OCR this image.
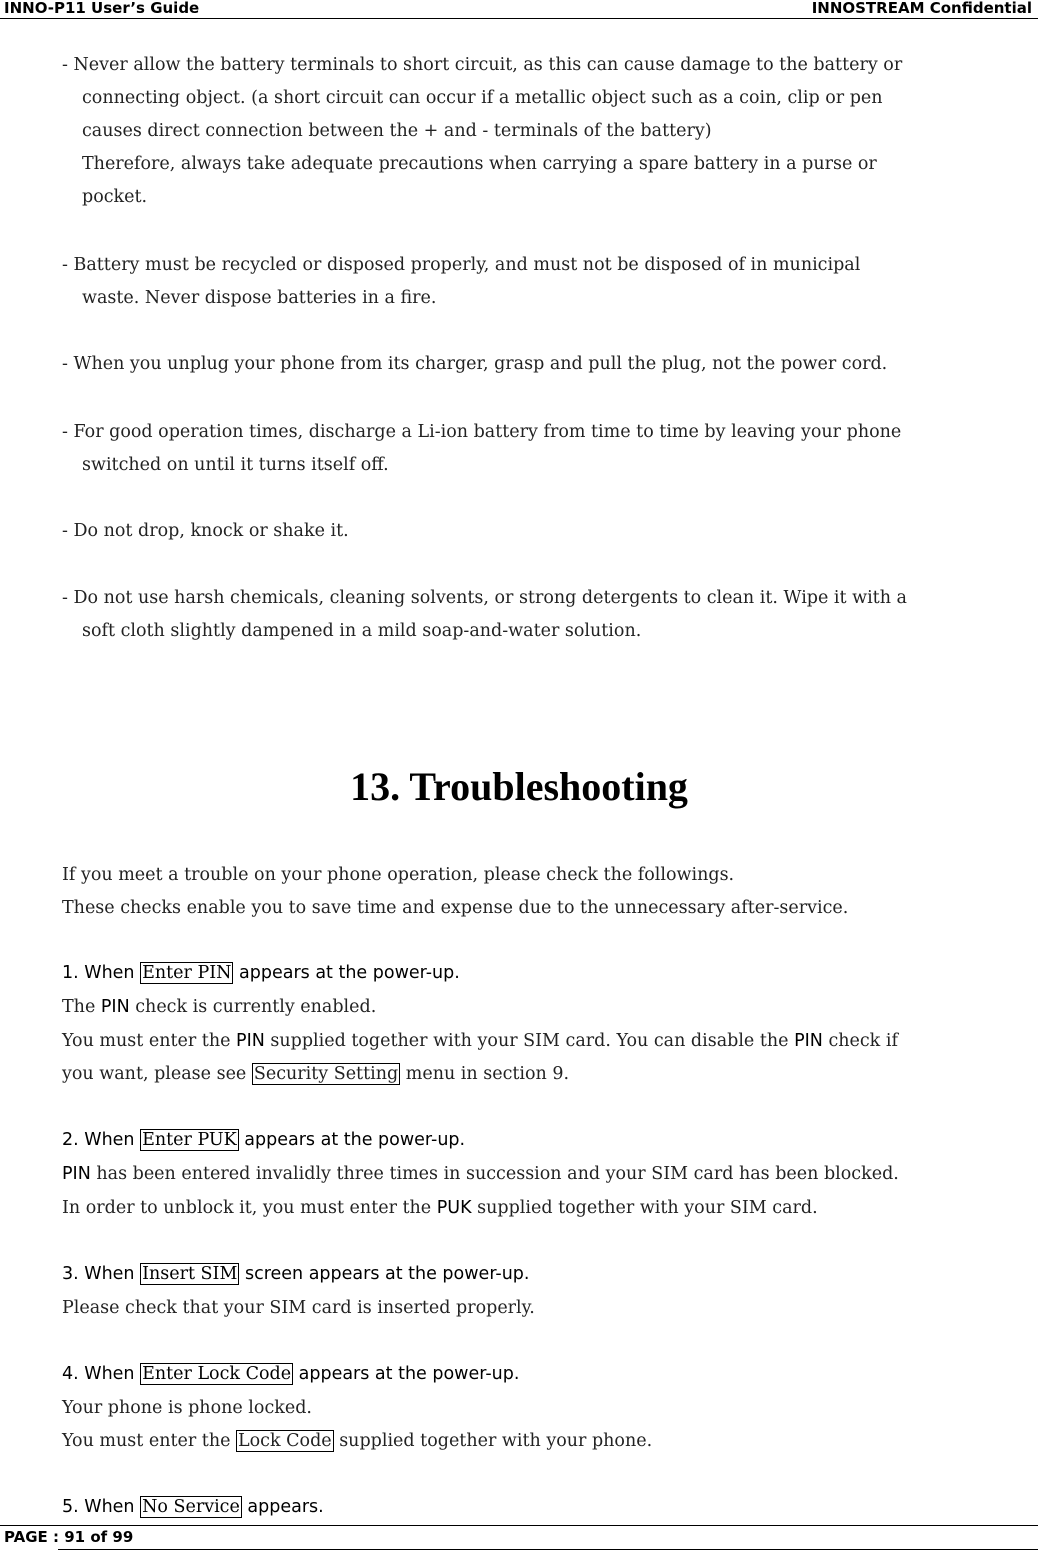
INNO-P11 User’s Guide	INNOSTREAM Confidential
- Never allow the battery terminals to short circuit, as this can cause damage to the battery or
connecting object. (a short circuit can occur if a metallic object such as a coin, clip or pen
causes direct connection between the + and - terminals of the battery)
Therefore, always take adequate precautions when carrying a spare battery in a purse or
pocket.
- Battery must be recycled or disposed properly, and must not be disposed of in municipal
waste. Never dispose batteries in a fire.
- When you unplug your phone from its charger, grasp and pull the plug, not the power cord.
- For good operation times, discharge a Li-ion battery from time to time by leaving your phone
switched on until it turns itself off.
- Do not drop, knock or shake it.
- Do not use harsh chemicals, cleaning solvents, or strong detergents to clean it. Wipe it with a
soft cloth slightly dampened in a mild soap-and-water solution.
13. Troubleshooting
If you meet a trouble on your phone operation, please check the followings.
These checks enable you to save time and expense due to the unnecessary after-service.
1. When Enter PIN appears at the power-up.
The PIN check is currently enabled.
You must enter the PIN supplied together with your SIM card. You can disable the PIN check if
you want, please see Security Setting menu in section 9.
2. When Enter PUK appears at the power-up.
PIN has been entered invalidly three times in succession and your SIM card has been blocked.
In order to unblock it, you must enter the PUK supplied together with your SIM card.
3. When Insert SIM screen appears at the power-up.
Please check that your SIM card is inserted properly.
4. When Enter Lock Code appears at the power-up.
Your phone is phone locked.
You must enter the Lock Code supplied together with your phone.
5. When No Service appears.
PAGE : 91 of 99
